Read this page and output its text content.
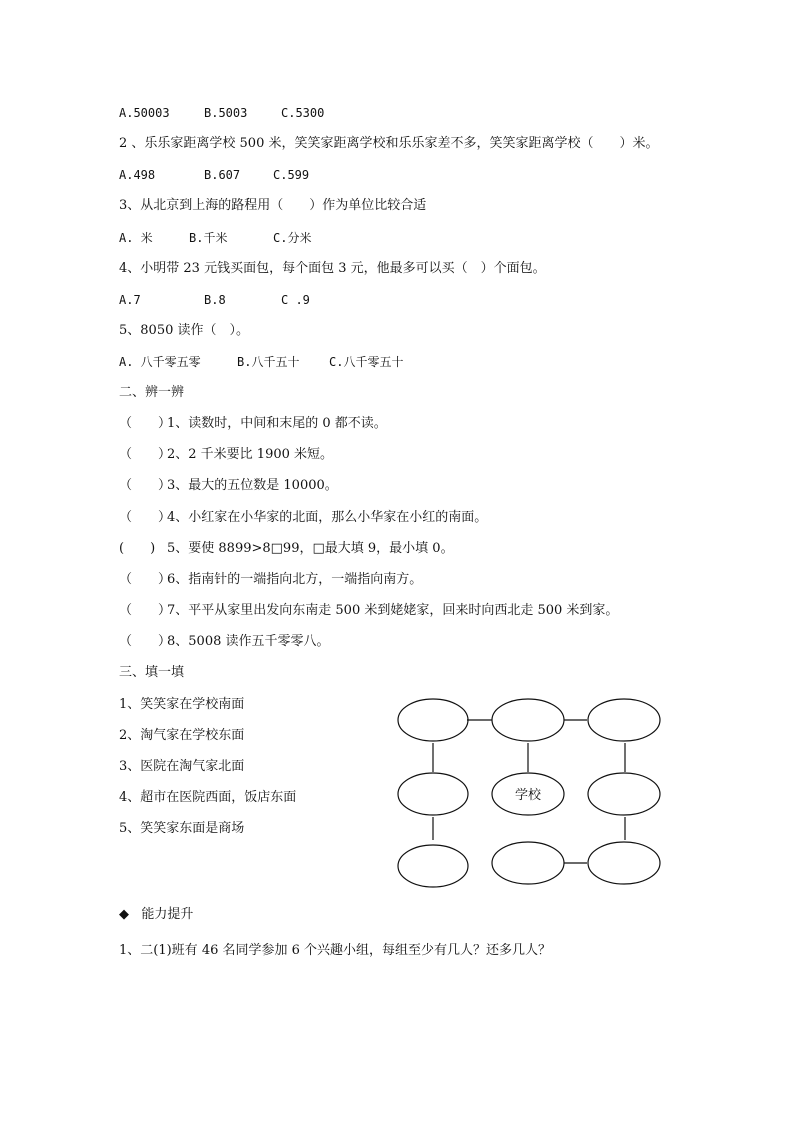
A.50003	B.5003	C.5300
2 、乐乐家距离学校 500 米，笑笑家距离学校和乐乐家差不多，笑笑家距离学校（　　）米。
A.498	B.607	C.599
3、从北京到上海的路程用（　　）作为单位比较合适
A. 米	B.千米	C.分米
4、小明带 23 元钱买面包，每个面包 3 元，他最多可以买（　）个面包。
A.7	B.8	C .9
5、8050 读作（　）。
A. 八千零五零	B.八千五十 C.八千零五十
二、辨一辨
（　　）1、读数时，中间和末尾的 0 都不读。
（　　）2、2 千米要比 1900 米短。
（　　）3、最大的五位数是 10000。
（　　）4、小红家在小华家的北面，那么小华家在小红的南面。
(　　) 5、要使 8899>8□99，□最大填 9，最小填 0。
（　　）6、指南针的一端指向北方，一端指向南方。
（　　）7、平平从家里出发向东南走 500 米到姥姥家，回来时向西北走 500 米到家。
（　　）8、5008 读作五千零零八。
三、填一填
1、笑笑家在学校南面
2、淘气家在学校东面
3、医院在淘气家北面
4、超市在医院西面，饭店东面
5、笑笑家东面是商场
学校
◆ 能力提升
1、二(1)班有 46 名同学参加 6 个兴趣小组，每组至少有几人？还多几人？
